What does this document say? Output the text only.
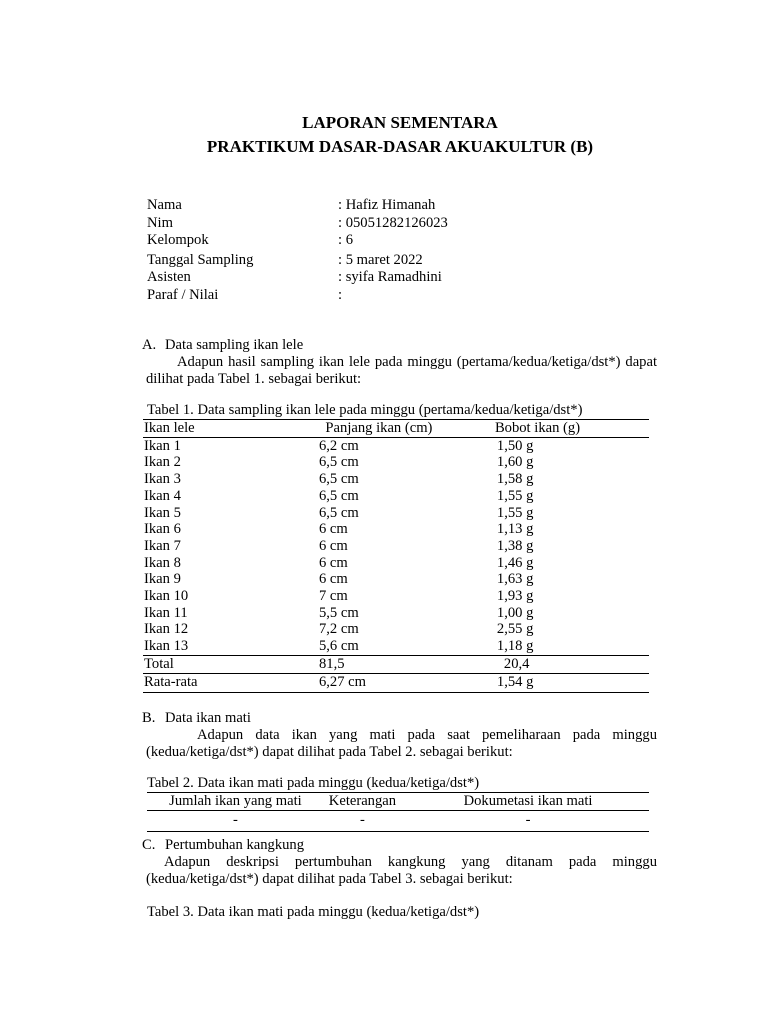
LAPORAN SEMENTARA
PRAKTIKUM DASAR-DASAR AKUAKULTUR (B)
Nama	: Hafiz Himanah
Nim	: 05051282126023
Kelompok	: 6
Tanggal Sampling	: 5 maret 2022
Asisten	: syifa Ramadhini
Paraf / Nilai	:
A. Data sampling ikan lele
Adapun hasil sampling ikan lele pada minggu (pertama/kedua/ketiga/dst*) dapat dilihat pada Tabel 1. sebagai berikut:
Tabel 1. Data sampling ikan lele pada minggu (pertama/kedua/ketiga/dst*)
Ikan lele	Panjang ikan (cm)	Bobot ikan (g)	
Ikan 1	6,2 cm	1,50 g	
Ikan 2	6,5 cm	1,60 g	
Ikan 3	6,5 cm	1,58 g	
Ikan 4	6,5 cm	1,55 g	
Ikan 5	6,5 cm	1,55 g	
Ikan 6	6 cm	1,13 g	
Ikan 7	6 cm	1,38 g	
Ikan 8	6 cm	1,46 g	
Ikan 9	6 cm	1,63 g	
Ikan 10	7 cm	1,93 g	
Ikan 11	5,5 cm	1,00 g	
Ikan 12	7,2 cm	2,55 g	
Ikan 13	5,6 cm	1,18 g	
Total	81,5	20,4	
Rata-rata	6,27 cm	1,54 g	
B. Data ikan mati
Adapun data ikan yang mati pada saat pemeliharaan pada minggu (kedua/ketiga/dst*) dapat dilihat pada Tabel 2. sebagai berikut:
Tabel 2. Data ikan mati pada minggu (kedua/ketiga/dst*)
Jumlah ikan yang mati	Keterangan	Dokumetasi ikan mati
-	-	-
C. Pertumbuhan kangkung
Adapun deskripsi pertumbuhan kangkung yang ditanam pada minggu (kedua/ketiga/dst*) dapat dilihat pada Tabel 3. sebagai berikut:
Tabel 3. Data ikan mati pada minggu (kedua/ketiga/dst*)
